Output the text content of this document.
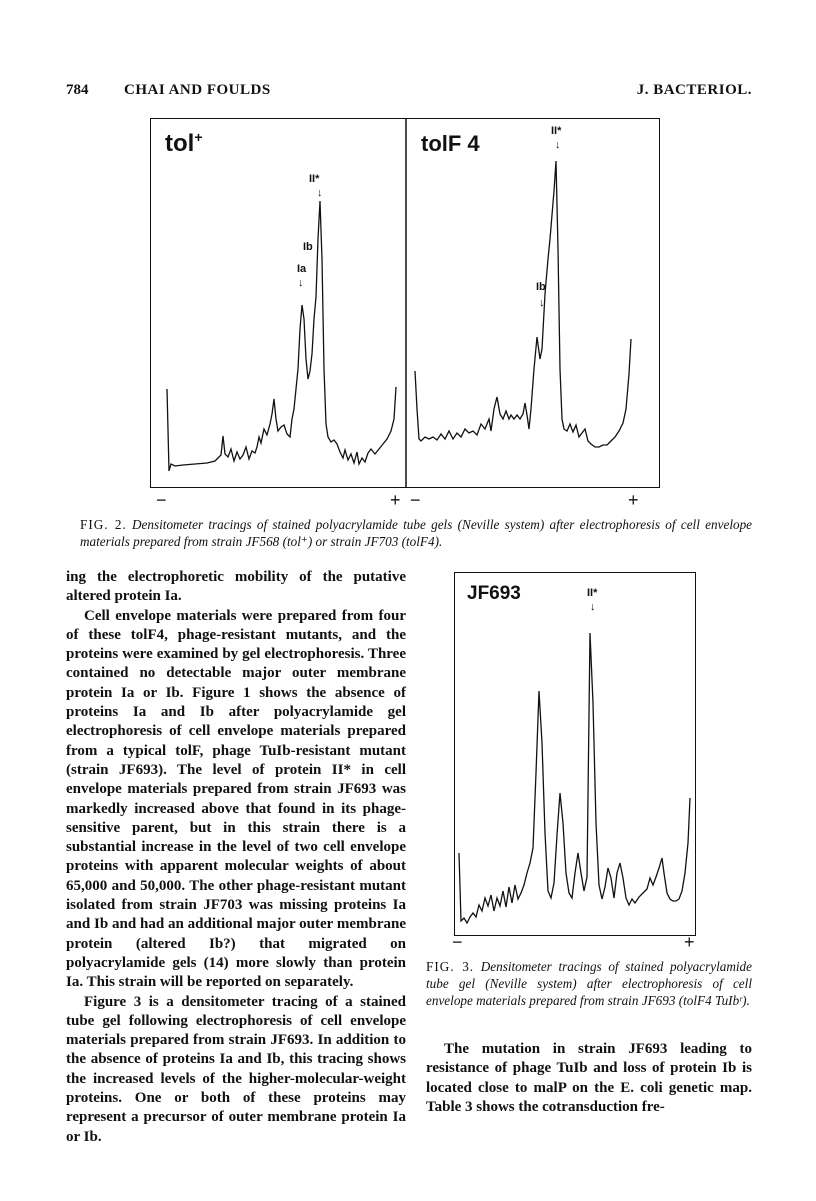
784 CHAI AND FOULDS	J. BACTERIOL.
tol+	tolF 4
II*
↓
Ib
Ia
↓
II*
↓
Ib
↓
−	+ −	+
FIG. 2. Densitometer tracings of stained polyacrylamide tube gels (Neville system) after electrophoresis of cell envelope materials prepared from strain JF568 (tol⁺) or strain JF703 (tolF4).

ing the electrophoretic mobility of the putative altered protein Ia.

Cell envelope materials were prepared from four of these tolF4, phage-resistant mutants, and the proteins were examined by gel electrophoresis. Three contained no detectable major outer membrane protein Ia or Ib. Figure 1 shows the absence of proteins Ia and Ib after polyacrylamide gel electrophoresis of cell envelope materials prepared from a typical tolF, phage TuIb-resistant mutant (strain JF693). The level of protein II* in cell envelope materials prepared from strain JF693 was markedly increased above that found in its phage-sensitive parent, but in this strain there is a substantial increase in the level of two cell envelope proteins with apparent molecular weights of about 65,000 and 50,000. The other phage-resistant mutant isolated from strain JF703 was missing proteins Ia and Ib and had an additional major outer membrane protein (altered Ib?) that migrated on polyacrylamide gels (14) more slowly than protein Ia. This strain will be reported on separately.

Figure 3 is a densitometer tracing of a stained tube gel following electrophoresis of cell envelope materials prepared from strain JF693. In addition to the absence of proteins Ia and Ib, this tracing shows the increased levels of the higher-molecular-weight proteins. One or both of these proteins may represent a precursor of outer membrane protein Ia or Ib.

JF693	II*
↓
−	+
FIG. 3. Densitometer tracings of stained polyacrylamide tube gel (Neville system) after electrophoresis of cell envelope materials prepared from strain JF693 (tolF4 TuIbʳ).

The mutation in strain JF693 leading to resistance of phage TuIb and loss of protein Ib is located close to malP on the E. coli genetic map. Table 3 shows the cotransduction fre-
